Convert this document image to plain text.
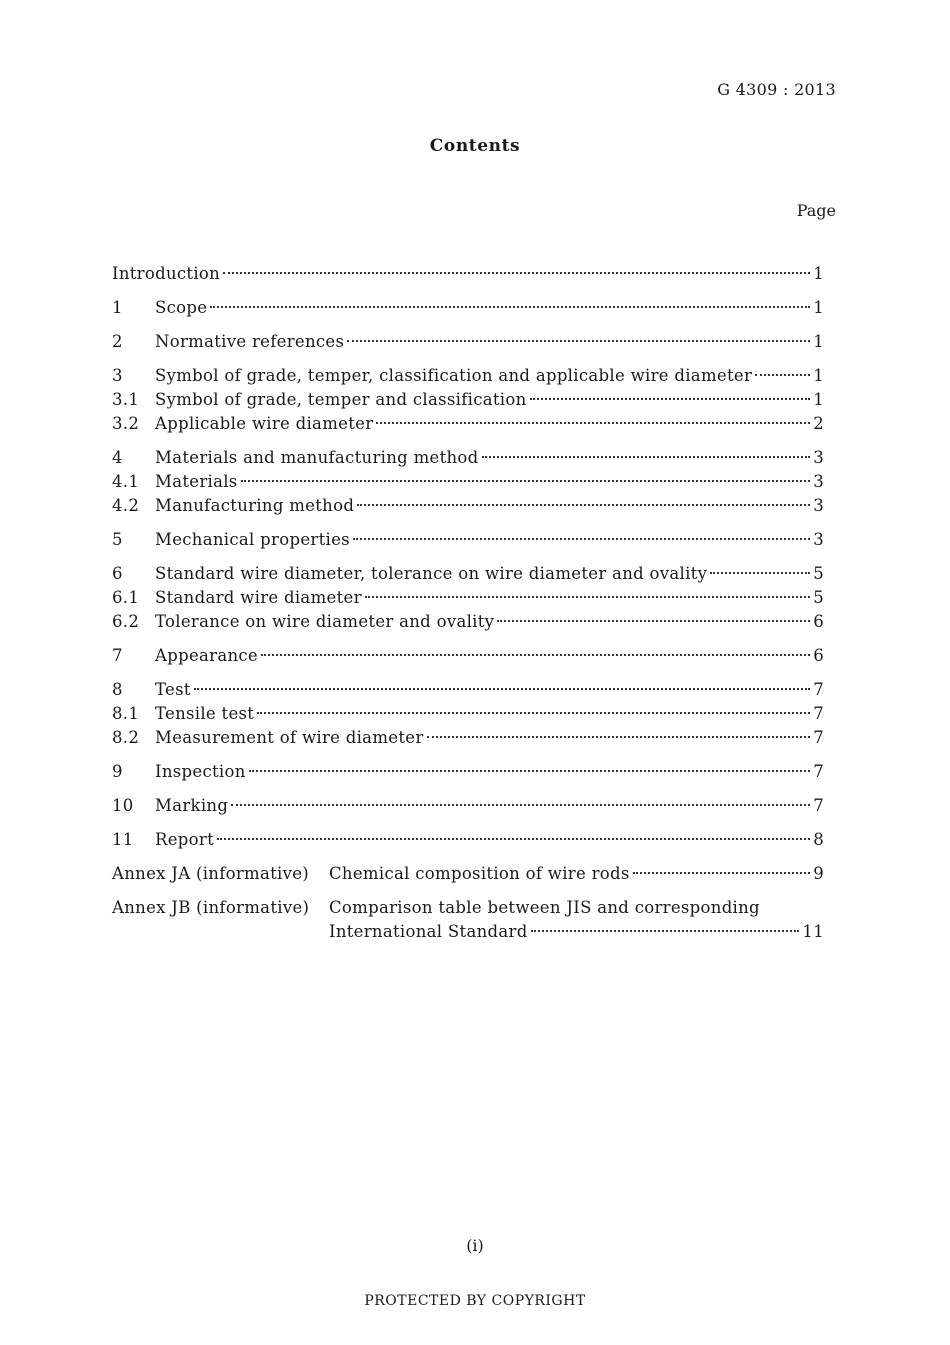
G 4309 : 2013
Contents
Page
Introduction	1
1	Scope	1
2	Normative references	1
3	Symbol of grade, temper, classification and applicable wire diameter	1
3.1 Symbol of grade, temper and classification	1
3.2 Applicable wire diameter	2
4	Materials and manufacturing method	3
4.1 Materials	3
4.2 Manufacturing method	3
5	Mechanical properties	3
6	Standard wire diameter, tolerance on wire diameter and ovality	5
6.1 Standard wire diameter	5
6.2 Tolerance on wire diameter and ovality	6
7	Appearance	6
8	Test	7
8.1 Tensile test	7
8.2 Measurement of wire diameter	7
9	Inspection	7
10	Marking	7
11	Report	8
Annex JA (informative)	Chemical composition of wire rods	9
Annex JB (informative)	Comparison table between JIS and corresponding
International Standard	11
(i)
PROTECTED BY COPYRIGHT
